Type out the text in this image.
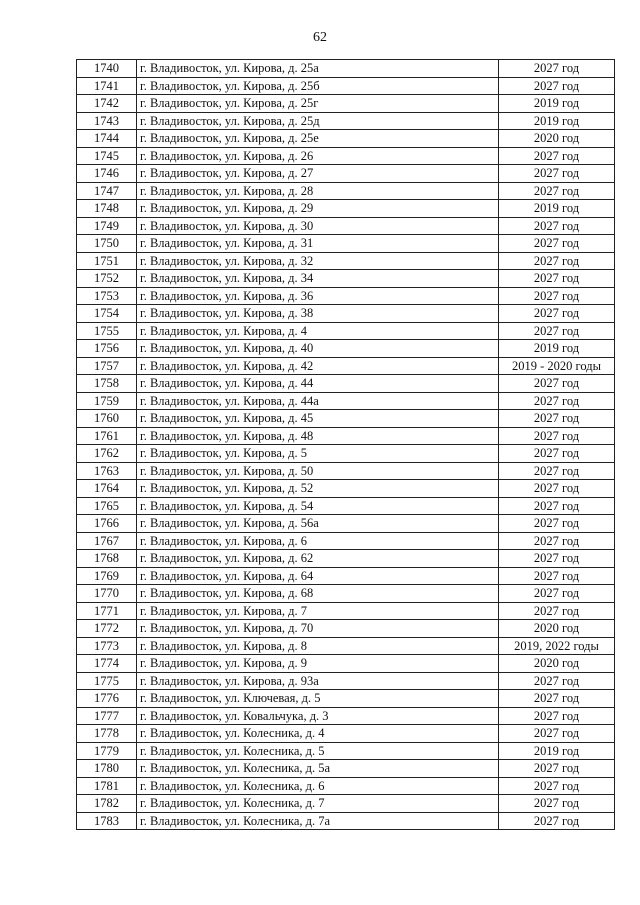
62
1740	г. Владивосток, ул. Кирова, д. 25а	2027 год
1741	г. Владивосток, ул. Кирова, д. 25б	2027 год
1742	г. Владивосток, ул. Кирова, д. 25г	2019 год
1743	г. Владивосток, ул. Кирова, д. 25д	2019 год
1744	г. Владивосток, ул. Кирова, д. 25е	2020 год
1745	г. Владивосток, ул. Кирова, д. 26	2027 год
1746	г. Владивосток, ул. Кирова, д. 27	2027 год
1747	г. Владивосток, ул. Кирова, д. 28	2027 год
1748	г. Владивосток, ул. Кирова, д. 29	2019 год
1749	г. Владивосток, ул. Кирова, д. 30	2027 год
1750	г. Владивосток, ул. Кирова, д. 31	2027 год
1751	г. Владивосток, ул. Кирова, д. 32	2027 год
1752	г. Владивосток, ул. Кирова, д. 34	2027 год
1753	г. Владивосток, ул. Кирова, д. 36	2027 год
1754	г. Владивосток, ул. Кирова, д. 38	2027 год
1755	г. Владивосток, ул. Кирова, д. 4	2027 год
1756	г. Владивосток, ул. Кирова, д. 40	2019 год
1757	г. Владивосток, ул. Кирова, д. 42	2019 - 2020 годы
1758	г. Владивосток, ул. Кирова, д. 44	2027 год
1759	г. Владивосток, ул. Кирова, д. 44а	2027 год
1760	г. Владивосток, ул. Кирова, д. 45	2027 год
1761	г. Владивосток, ул. Кирова, д. 48	2027 год
1762	г. Владивосток, ул. Кирова, д. 5	2027 год
1763	г. Владивосток, ул. Кирова, д. 50	2027 год
1764	г. Владивосток, ул. Кирова, д. 52	2027 год
1765	г. Владивосток, ул. Кирова, д. 54	2027 год
1766	г. Владивосток, ул. Кирова, д. 56а	2027 год
1767	г. Владивосток, ул. Кирова, д. 6	2027 год
1768	г. Владивосток, ул. Кирова, д. 62	2027 год
1769	г. Владивосток, ул. Кирова, д. 64	2027 год
1770	г. Владивосток, ул. Кирова, д. 68	2027 год
1771	г. Владивосток, ул. Кирова, д. 7	2027 год
1772	г. Владивосток, ул. Кирова, д. 70	2020 год
1773	г. Владивосток, ул. Кирова, д. 8	2019, 2022 годы
1774	г. Владивосток, ул. Кирова, д. 9	2020 год
1775	г. Владивосток, ул. Кирова, д. 93а	2027 год
1776	г. Владивосток, ул. Ключевая, д. 5	2027 год
1777	г. Владивосток, ул. Ковальчука, д. 3	2027 год
1778	г. Владивосток, ул. Колесника, д. 4	2027 год
1779	г. Владивосток, ул. Колесника, д. 5	2019 год
1780	г. Владивосток, ул. Колесника, д. 5а	2027 год
1781	г. Владивосток, ул. Колесника, д. 6	2027 год
1782	г. Владивосток, ул. Колесника, д. 7	2027 год
1783	г. Владивосток, ул. Колесника, д. 7а	2027 год
